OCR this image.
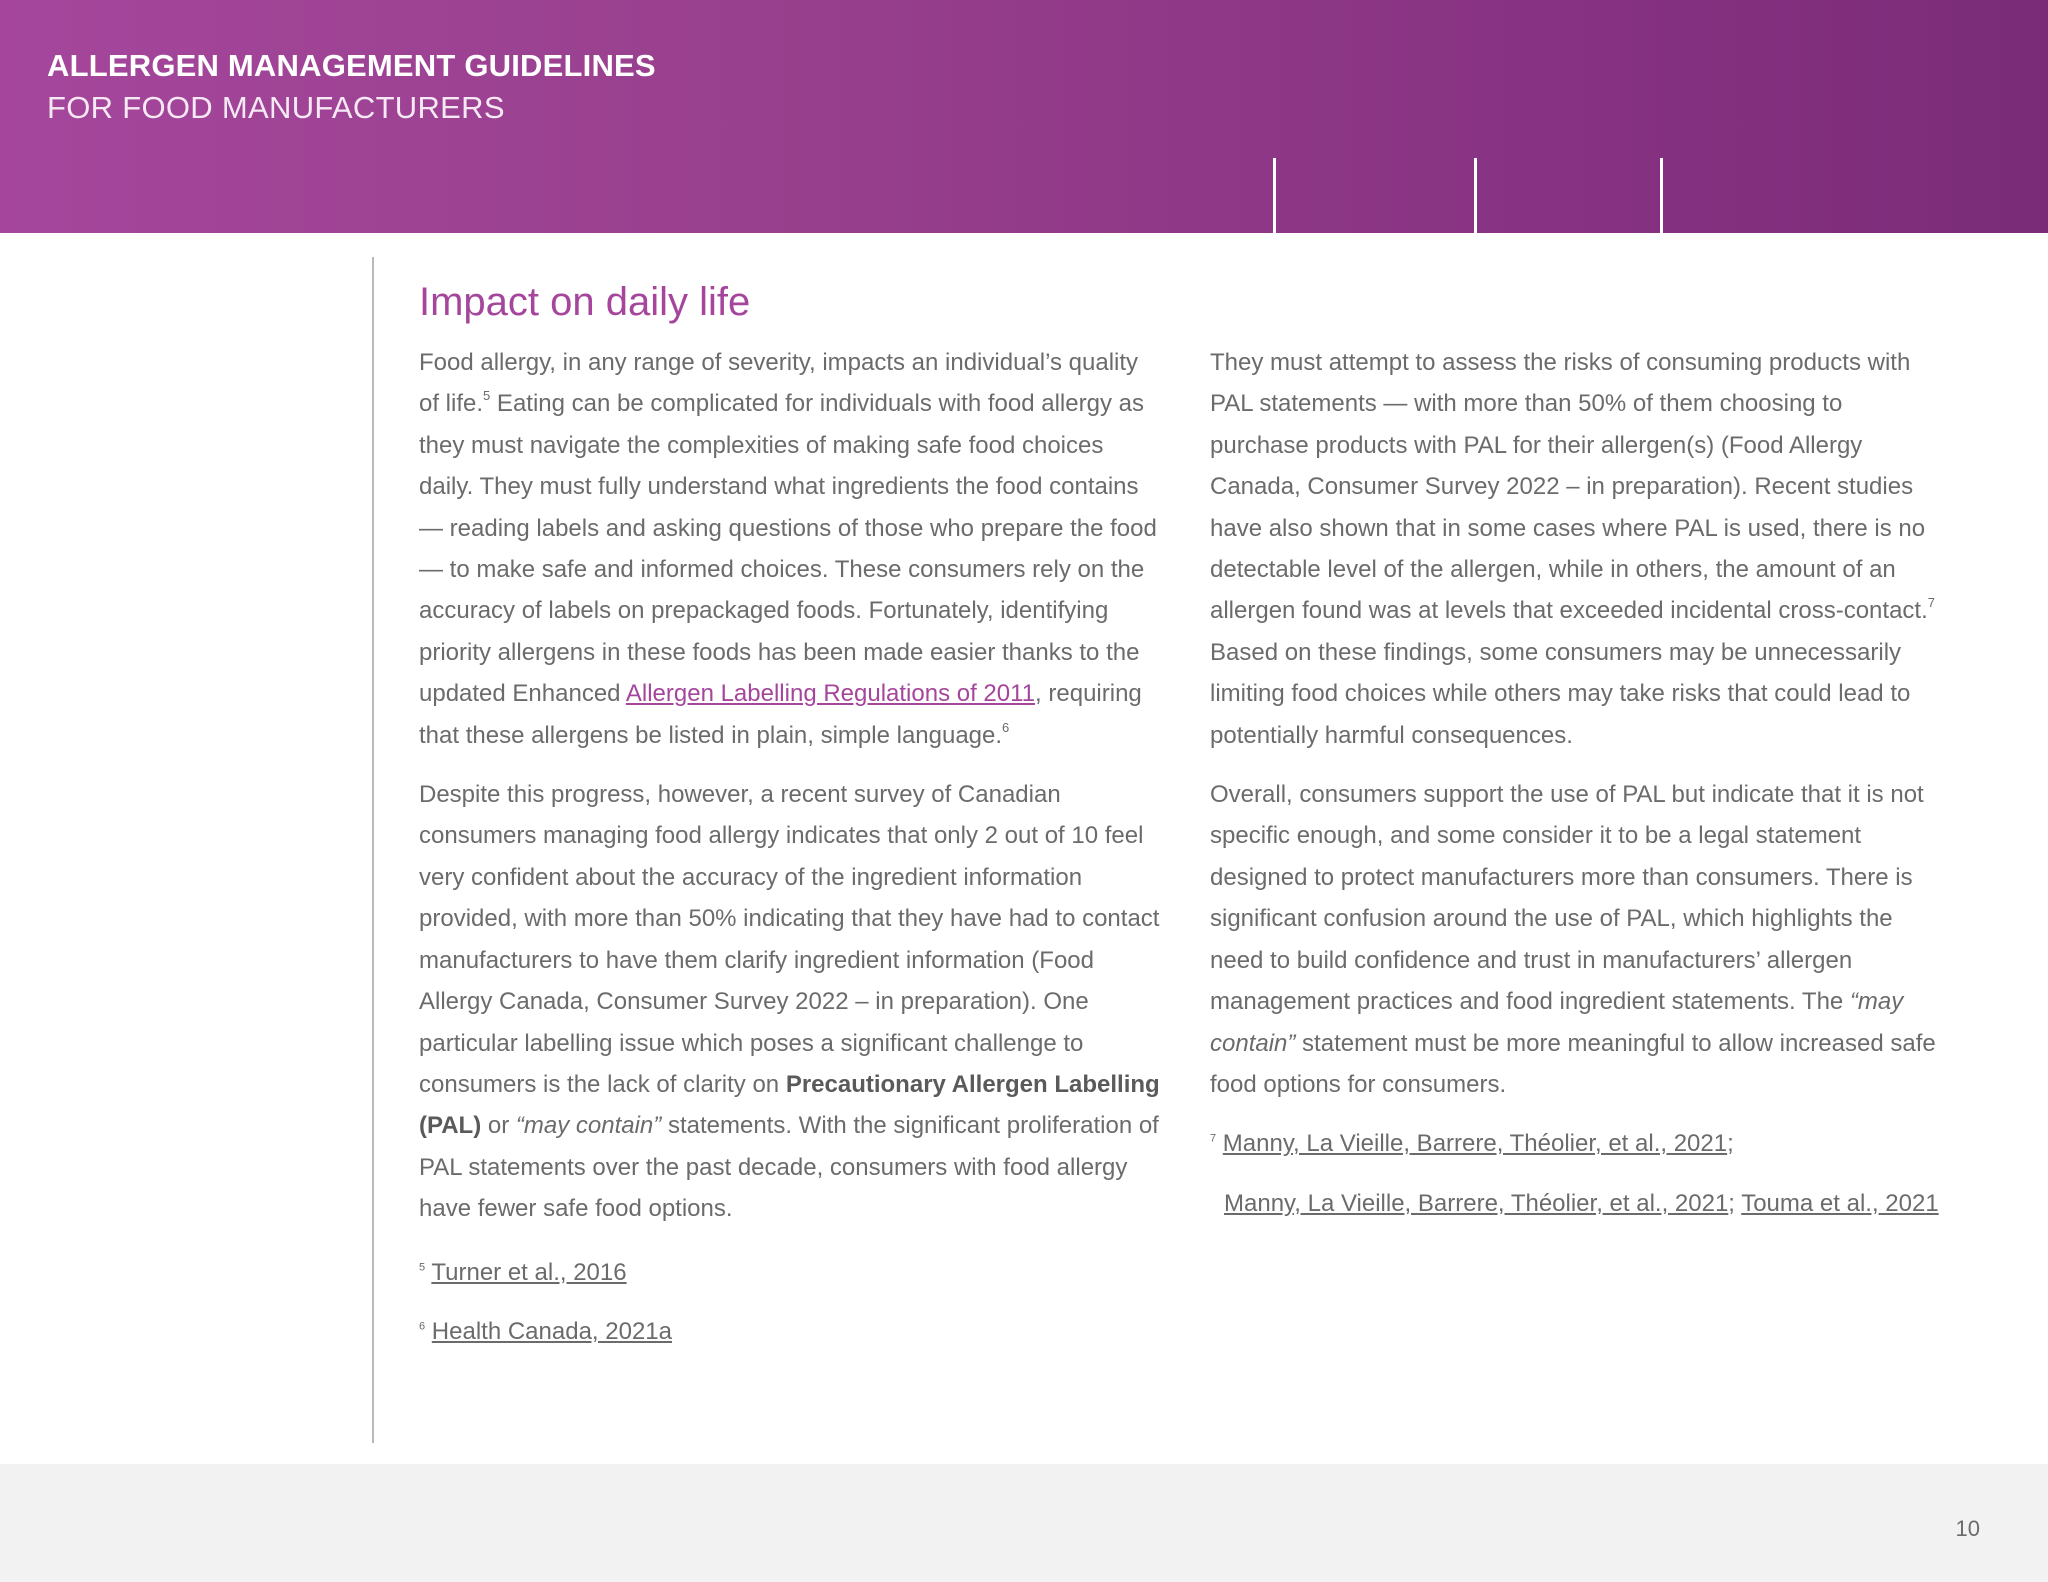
ALLERGEN MANAGEMENT GUIDELINES
FOR FOOD MANUFACTURERS
Impact on daily life

Food allergy, in any range of severity, impacts an individual’s quality of life.$^5$ Eating can be complicated for individuals with food allergy as they must navigate the complexities of making safe food choices daily. They must fully understand what ingredients the food contains — reading labels and asking questions of those who prepare the food — to make safe and informed choices. These consumers rely on the accuracy of labels on prepackaged foods. Fortunately, identifying priority allergens in these foods has been made easier thanks to the updated Enhanced Allergen Labelling Regulations of 2011, requiring that these allergens be listed in plain, simple language.$^6$

Despite this progress, however, a recent survey of Canadian consumers managing food allergy indicates that only 2 out of 10 feel very confident about the accuracy of the ingredient information provided, with more than 50% indicating that they have had to contact manufacturers to have them clarify ingredient information (Food Allergy Canada, Consumer Survey 2022 – in preparation). One particular labelling issue which poses a significant challenge to consumers is the lack of clarity on Precautionary Allergen Labelling (PAL) or “may contain” statements. With the significant proliferation of PAL statements over the past decade, consumers with food allergy have fewer safe food options.

$^5$ Turner et al., 2016

$^6$ Health Canada, 2021a

They must attempt to assess the risks of consuming products with PAL statements — with more than 50% of them choosing to purchase products with PAL for their allergen(s) (Food Allergy Canada, Consumer Survey 2022 – in preparation). Recent studies have also shown that in some cases where PAL is used, there is no detectable level of the allergen, while in others, the amount of an allergen found was at levels that exceeded incidental cross-contact.$^7$ Based on these findings, some consumers may be unnecessarily limiting food choices while others may take risks that could lead to potentially harmful consequences.

Overall, consumers support the use of PAL but indicate that it is not specific enough, and some consider it to be a legal statement designed to protect manufacturers more than consumers. There is significant confusion around the use of PAL, which highlights the need to build confidence and trust in manufacturers’ allergen management practices and food ingredient statements. The “may contain” statement must be more meaningful to allow increased safe food options for consumers.

$^7$ Manny, La Vieille, Barrere, Théolier, et al., 2021;

Manny, La Vieille, Barrere, Théolier, et al., 2021; Touma et al., 2021

10
